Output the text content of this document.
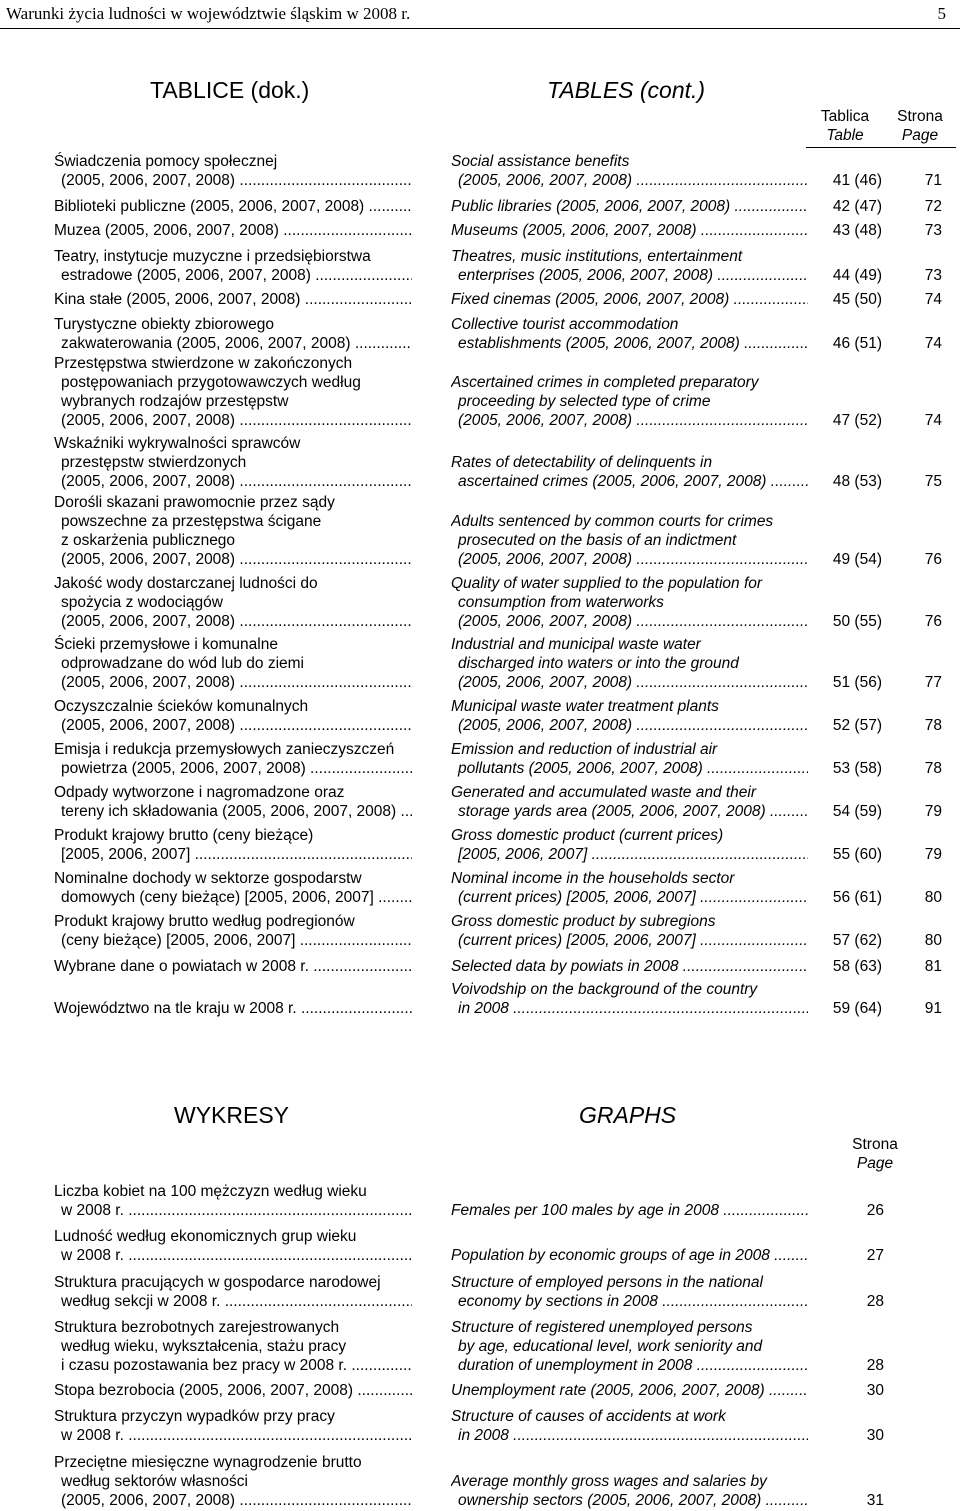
Warunki życia ludności w województwie śląskim w 2008 r.	5
TABLICE (dok.)	TABLES (cont.)
Tablica
Table
Strona
Page
Świadczenia pomocy społecznej
(2005, 2006, 2007, 2008) .....
Social assistance benefits
(2005, 2006, 2007, 2008) .....	41 (46)	71
Biblioteki publiczne (2005, 2006, 2007, 2008) .....	Public libraries (2005, 2006, 2007, 2008) .....	42 (47)	72
Muzea (2005, 2006, 2007, 2008) .....	Museums (2005, 2006, 2007, 2008) .....	43 (48)	73
Teatry, instytucje muzyczne i przedsiębiorstwa
estradowe (2005, 2006, 2007, 2008) .....
Theatres, music institutions, entertainment
enterprises (2005, 2006, 2007, 2008) .....	44 (49)	73
Kina stałe (2005, 2006, 2007, 2008) .....	Fixed cinemas (2005, 2006, 2007, 2008) .....	45 (50)	74
Turystyczne obiekty zbiorowego
zakwaterowania (2005, 2006, 2007, 2008) .....
Collective tourist accommodation
establishments (2005, 2006, 2007, 2008) .....	46 (51)	74
Przestępstwa stwierdzone w zakończonych
postępowaniach przygotowawczych według
wybranych rodzajów przestępstw
(2005, 2006, 2007, 2008) .....
Ascertained crimes in completed preparatory
proceeding by selected type of crime
(2005, 2006, 2007, 2008) .....	47 (52)	74
Wskaźniki wykrywalności sprawców
przestępstw stwierdzonych
(2005, 2006, 2007, 2008) .....
Rates of detectability of delinquents in
ascertained crimes (2005, 2006, 2007, 2008) .....	48 (53)	75
Dorośli skazani prawomocnie przez sądy
powszechne za przestępstwa ścigane
z oskarżenia publicznego
(2005, 2006, 2007, 2008) .....
Adults sentenced by common courts for crimes
prosecuted on the basis of an indictment
(2005, 2006, 2007, 2008) .....	49 (54)	76
Jakość wody dostarczanej ludności do
spożycia z wodociągów
(2005, 2006, 2007, 2008) .....
Quality of water supplied to the population for
consumption from waterworks
(2005, 2006, 2007, 2008) .....	50 (55)	76
Ścieki przemysłowe i komunalne
odprowadzane do wód lub do ziemi
(2005, 2006, 2007, 2008) .....
Industrial and municipal waste water
discharged into waters or into the ground
(2005, 2006, 2007, 2008) .....	51 (56)	77
Oczyszczalnie ścieków komunalnych
(2005, 2006, 2007, 2008) .....
Municipal waste water treatment plants
(2005, 2006, 2007, 2008) .....	52 (57)	78
Emisja i redukcja przemysłowych zanieczyszczeń
powietrza (2005, 2006, 2007, 2008) .....
Emission and reduction of industrial air
pollutants (2005, 2006, 2007, 2008) .....	53 (58)	78
Odpady wytworzone i nagromadzone oraz
tereny ich składowania (2005, 2006, 2007, 2008) .....
Generated and accumulated waste and their
storage yards area (2005, 2006, 2007, 2008) .....	54 (59)	79
Produkt krajowy brutto (ceny bieżące)
[2005, 2006, 2007] .....
Gross domestic product (current prices)
[2005, 2006, 2007] .....	55 (60)	79
Nominalne dochody w sektorze gospodarstw
domowych (ceny bieżące) [2005, 2006, 2007] .....
Nominal income in the households sector
(current prices) [2005, 2006, 2007] .....	56 (61)	80
Produkt krajowy brutto według podregionów
(ceny bieżące) [2005, 2006, 2007] .....
Gross domestic product by subregions
(current prices) [2005, 2006, 2007] .....	57 (62)	80
Wybrane dane o powiatach w 2008 r. .....	Selected data by powiats in 2008 .....	58 (63)	81
Województwo na tle kraju w 2008 r. .....
Voivodship on the background of the country
in 2008 .....	59 (64)	91
WYKRESY	GRAPHS
Strona
Page
Liczba kobiet na 100 mężczyzn według wieku
w 2008 r. .....	Females per 100 males by age in 2008 .....	26
Ludność według ekonomicznych grup wieku
w 2008 r. .....	Population by economic groups of age in 2008 .....	27
Struktura pracujących w gospodarce narodowej
według sekcji w 2008 r. .....
Structure of employed persons in the national
economy by sections in 2008 .....	28
Struktura bezrobotnych zarejestrowanych
według wieku, wykształcenia, stażu pracy
i czasu pozostawania bez pracy w 2008 r. .....
Structure of registered unemployed persons
by age, educational level, work seniority and
duration of unemployment in 2008 .....	28
Stopa bezrobocia (2005, 2006, 2007, 2008) .....	Unemployment rate (2005, 2006, 2007, 2008) .....	30
Struktura przyczyn wypadków przy pracy
w 2008 r. .....
Structure of causes of accidents at work
in 2008 .....	30
Przeciętne miesięczne wynagrodzenie brutto
według sektorów własności
(2005, 2006, 2007, 2008) .....
Average monthly gross wages and salaries by
ownership sectors (2005, 2006, 2007, 2008) .....	31
